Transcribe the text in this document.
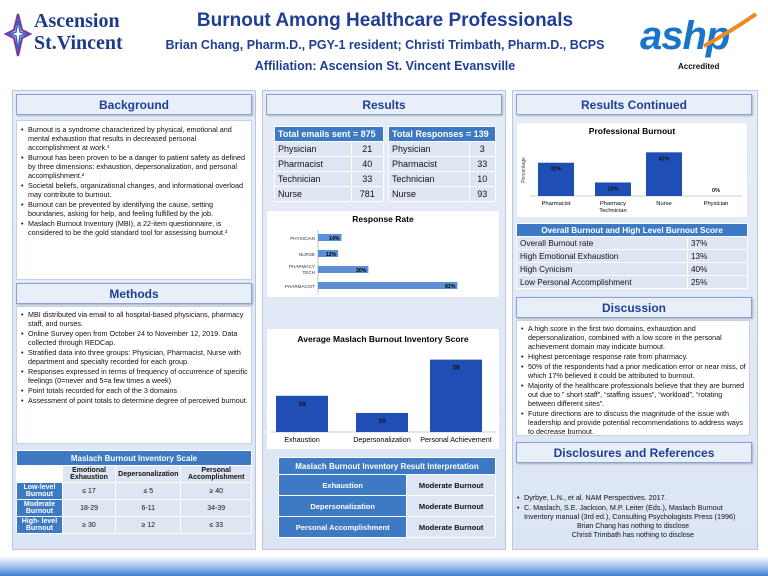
Ascension
St.Vincent
Burnout Among Healthcare Professionals
Brian Chang, Pharm.D., PGY-1 resident; Christi Trimbath, Pharm.D., BCPS
Affiliation: Ascension St. Vincent Evansville
ashp
Accredited
Background
• Burnout is a syndrome characterized by physical, emotional and mental exhaustion that results in decreased personal accomplishment at work.¹
• Burnout has been proven to be a danger to patient safety as defined by three dimensions: exhaustion, depersonalization, and personal accomplishment.²
• Societal beliefs, organizational changes, and informational overload may contribute to burnout.
• Burnout can be prevented by identifying the cause, setting boundaries, asking for help, and feeling fulfilled by the job.
• Maslach Burnout Inventory (MBI), a 22-item questionnaire, is considered to be the gold standard tool for assessing burnout.²
Methods
• MBI distributed via email to all hospital-based physicians, pharmacy staff, and nurses.
• Online Survey open from October 24 to November 12, 2019. Data collected through REDCap.
• Stratified data into three groups: Physician, Pharmacist, Nurse with department and specialty recorded for each group.
• Responses expressed in terms of frequency of occurrence of specific feelings (0=never and 5=a few times a week)
• Point totals recorded for each of the 3 domains
• Assessment of point totals to determine degree of perceived burnout.
Maslach Burnout Inventory Scale			
	Emotional Exhaustion	Depersonalization	Personal Accomplishment
Low-level Burnout	≤ 17	≤ 5	≥ 40
Moderate Burnout	18-29	6-11	34-39
High- level Burnout	≥ 30	≥ 12	≤ 33
Results
Total emails sent = 875	
Physician	21
Pharmacist	40
Technician	33
Nurse	781
Total Responses = 139	
Physician	3
Pharmacist	33
Technician	10
Nurse	93
Response Rate
PHYSICIAN	14%
NURSE 12%
PHARMACY
TECH	30%
PHARMACIST	83%
Average Maslach Burnout Inventory Score
19
Exhaustion
10
Depersonalization
38
Personal Achievement
Maslach Burnout Inventory Result Interpretation	
Exhaustion	Moderate Burnout
Depersonalization	Moderate Burnout
Personal Accomplishment	Moderate Burnout
Results Continued
Professional Burnout
Percentage	32%
Pharmacist
13%
Pharmacy
Technician
42%
Nurse
0%
Physician
Overall Burnout and High Level Burnout Score	
Overall Burnout rate	37%
High Emotional Exhaustion	13%
High Cynicism	40%
Low Personal Accomplishment	25%
Discussion
• A high score in the first two domains, exhaustion and depersonalization, combined with a low score in the personal achievement domain may indicate burnout.
• Highest percentage response rate from pharmacy.
• 50% of the respondents had a prior medication error or near miss, of which 17% believed it could be attributed to burnout.
• Majority of the healthcare professionals believe that they are burned out due to ” short staff”, “staffing issues”, “workload”, “rotating between different sites”.
• Future directions are to discuss the magnitude of the issue with leadership and provide potential recommendations to address ways to decrease burnout.
Disclosures and References
• Dyrbye, L.N., et al. NAM Perspectives. 2017.
• C. Maslach, S.E. Jackson, M.P. Leiter (Eds.), Maslach Burnout Inventory manual (3rd ed.), Consulting Psychologists Press (1996)
Brian Chang has nothing to disclose
Christi Trimbath has nothing to disclose
